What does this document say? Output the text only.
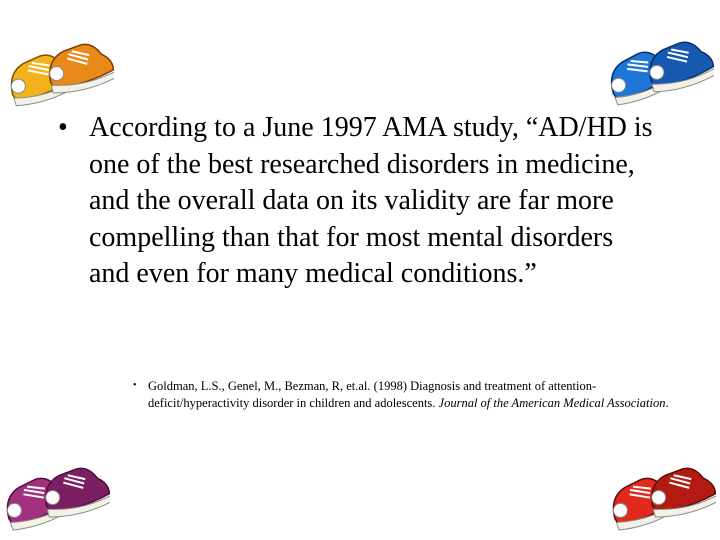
• According to a June 1997 AMA study, “AD/HD is one of the best researched disorders in medicine, and the overall data on its validity are far more compelling than that for most mental disorders and even for many medical conditions.”
• Goldman, L.S., Genel, M., Bezman, R, et.al. (1998) Diagnosis and treatment of attention-deficit/hyperactivity disorder in children and adolescents. Journal of the American Medical Association.
